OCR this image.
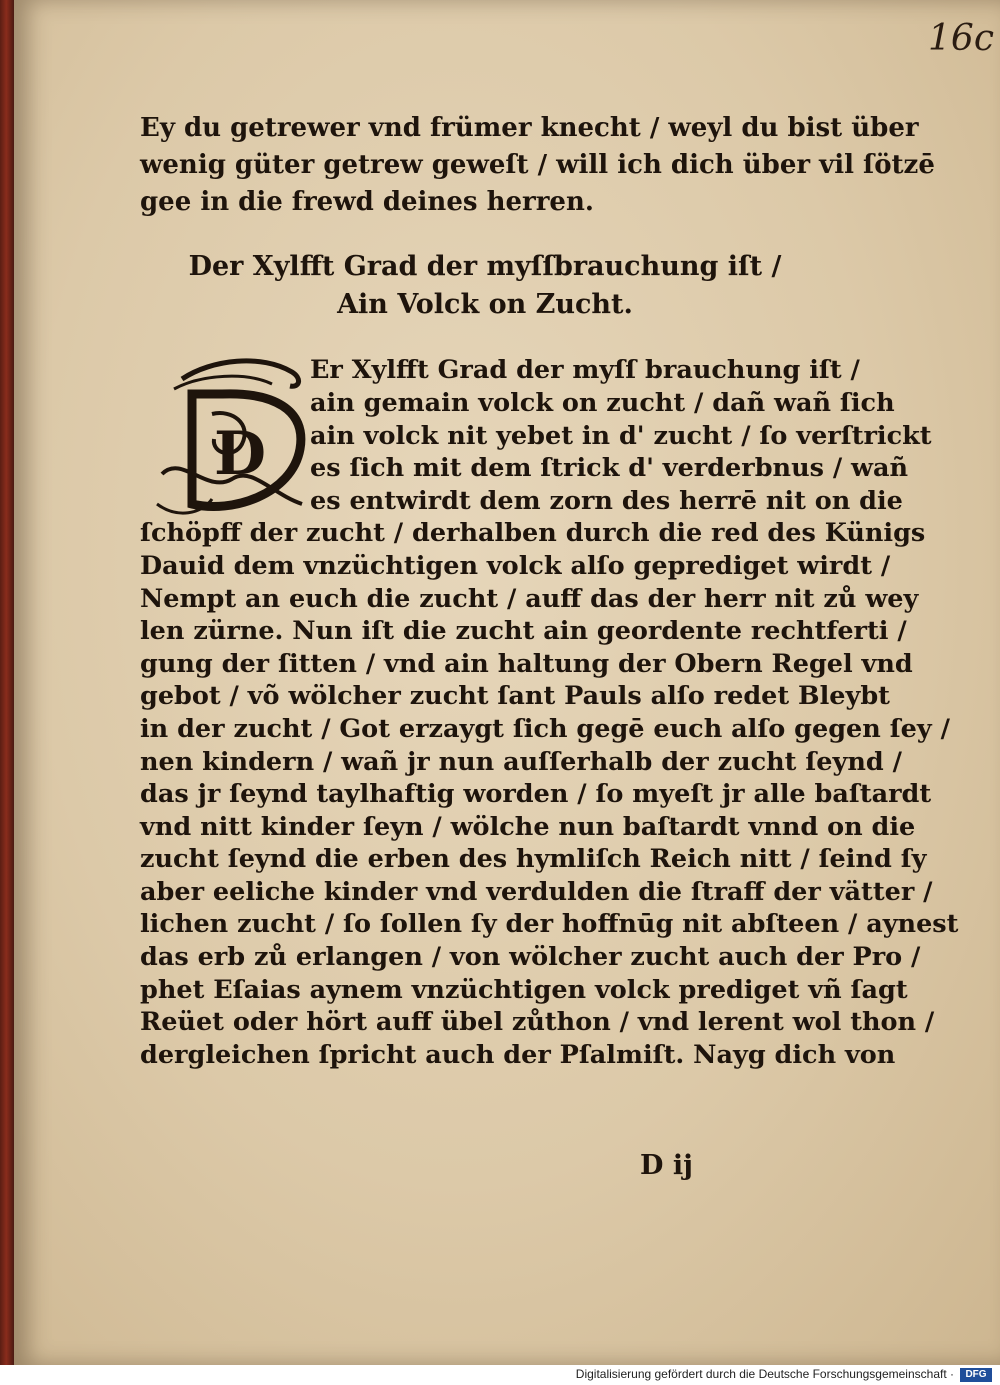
16c
Ey du getrewer vnd frümer knecht / weyl du bist über
wenig güter getrew geweſt / will ich dich über vil ſötzē
gee in die frewd deines herren.
Der Xylfft Grad der myſſbrauchung iſt /
Ain Volck on Zucht.
D
Er Xylfft Grad der myſſ brauchung iſt /
ain gemain volck on zucht / dañ wañ ſich
ain volck nit yebet in d' zucht / ſo verſtrickt
es ſich mit dem ſtrick d' verderbnus / wañ
es entwirdt dem zorn des herrē nit on die
ſchöpff der zucht / derhalben durch die red des Künigs
Dauid dem vnzüchtigen volck alſo geprediget wirdt /
Nempt an euch die zucht / auff das der herr nit zů wey
len zürne. Nun iſt die zucht ain geordente rechtferti /
gung der ſitten / vnd ain haltung der Obern Regel vnd
gebot / võ wölcher zucht ſant Pauls alſo redet Bleybt
in der zucht / Got erzaygt ſich gegē euch alſo gegen ſey /
nen kindern / wañ jr nun auſſerhalb der zucht ſeynd /
das jr ſeynd taylhaftig worden / ſo myeſt jr alle baſtardt
vnd nitt kinder ſeyn / wölche nun baſtardt vnnd on die
zucht ſeynd die erben des hymliſch Reich nitt / ſeind ſy
aber eeliche kinder vnd verdulden die ſtraff der vätter /
lichen zucht / ſo ſollen ſy der hoffnūg nit abſteen / aynest
das erb zů erlangen / von wölcher zucht auch der Pro /
phet Eſaias aynem vnzüchtigen volck prediget vñ ſagt
Reüet oder hört auff übel zůthon / vnd lerent wol thon /
dergleichen ſpricht auch der Pſalmiſt. Nayg dich von
D ij
Digitalisierung gefördert durch die Deutsche Forschungsgemeinschaft ·	DFG
